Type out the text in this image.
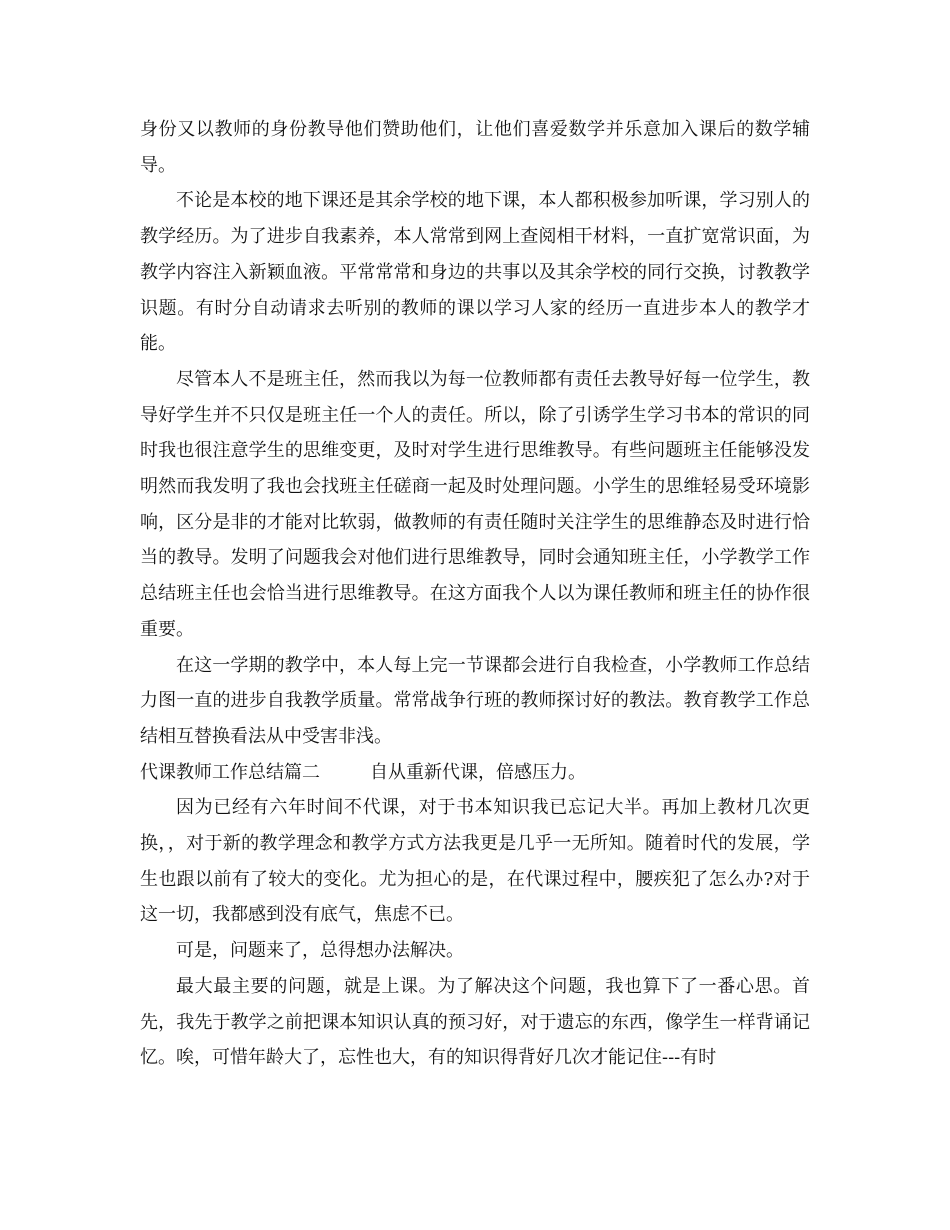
身份又以教师的身份教导他们赞助他们，让他们喜爱数学并乐意加入课后的数学辅导。

不论是本校的地下课还是其余学校的地下课，本人都积极参加听课，学习别人的教学经历。为了进步自我素养，本人常常到网上查阅相干材料，一直扩宽常识面，为教学内容注入新颖血液。平常常常和身边的共事以及其余学校的同行交换，讨教教学识题。有时分自动请求去听别的教师的课以学习人家的经历一直进步本人的教学才能。

尽管本人不是班主任，然而我以为每一位教师都有责任去教导好每一位学生，教导好学生并不只仅是班主任一个人的责任。所以，除了引诱学生学习书本的常识的同时我也很注意学生的思维变更，及时对学生进行思维教导。有些问题班主任能够没发明然而我发明了我也会找班主任磋商一起及时处理问题。小学生的思维轻易受环境影响，区分是非的才能对比软弱，做教师的有责任随时关注学生的思维静态及时进行恰当的教导。发明了问题我会对他们进行思维教导，同时会通知班主任，小学教学工作总结班主任也会恰当进行思维教导。在这方面我个人以为课任教师和班主任的协作很重要。

在这一学期的教学中，本人每上完一节课都会进行自我检查，小学教师工作总结力图一直的进步自我教学质量。常常战争行班的教师探讨好的教法。教育教学工作总结相互替换看法从中受害非浅。

代课教师工作总结篇二	自从重新代课，倍感压力。

因为已经有六年时间不代课，对于书本知识我已忘记大半。再加上教材几次更换，，对于新的教学理念和教学方式方法我更是几乎一无所知。随着时代的发展，学生也跟以前有了较大的变化。尤为担心的是，在代课过程中，腰疾犯了怎么办?对于这一切，我都感到没有底气，焦虑不已。

可是，问题来了，总得想办法解决。

最大最主要的问题，就是上课。为了解决这个问题，我也算下了一番心思。首先，我先于教学之前把课本知识认真的预习好，对于遗忘的东西，像学生一样背诵记忆。唉，可惜年龄大了，忘性也大，有的知识得背好几次才能记住---有时
